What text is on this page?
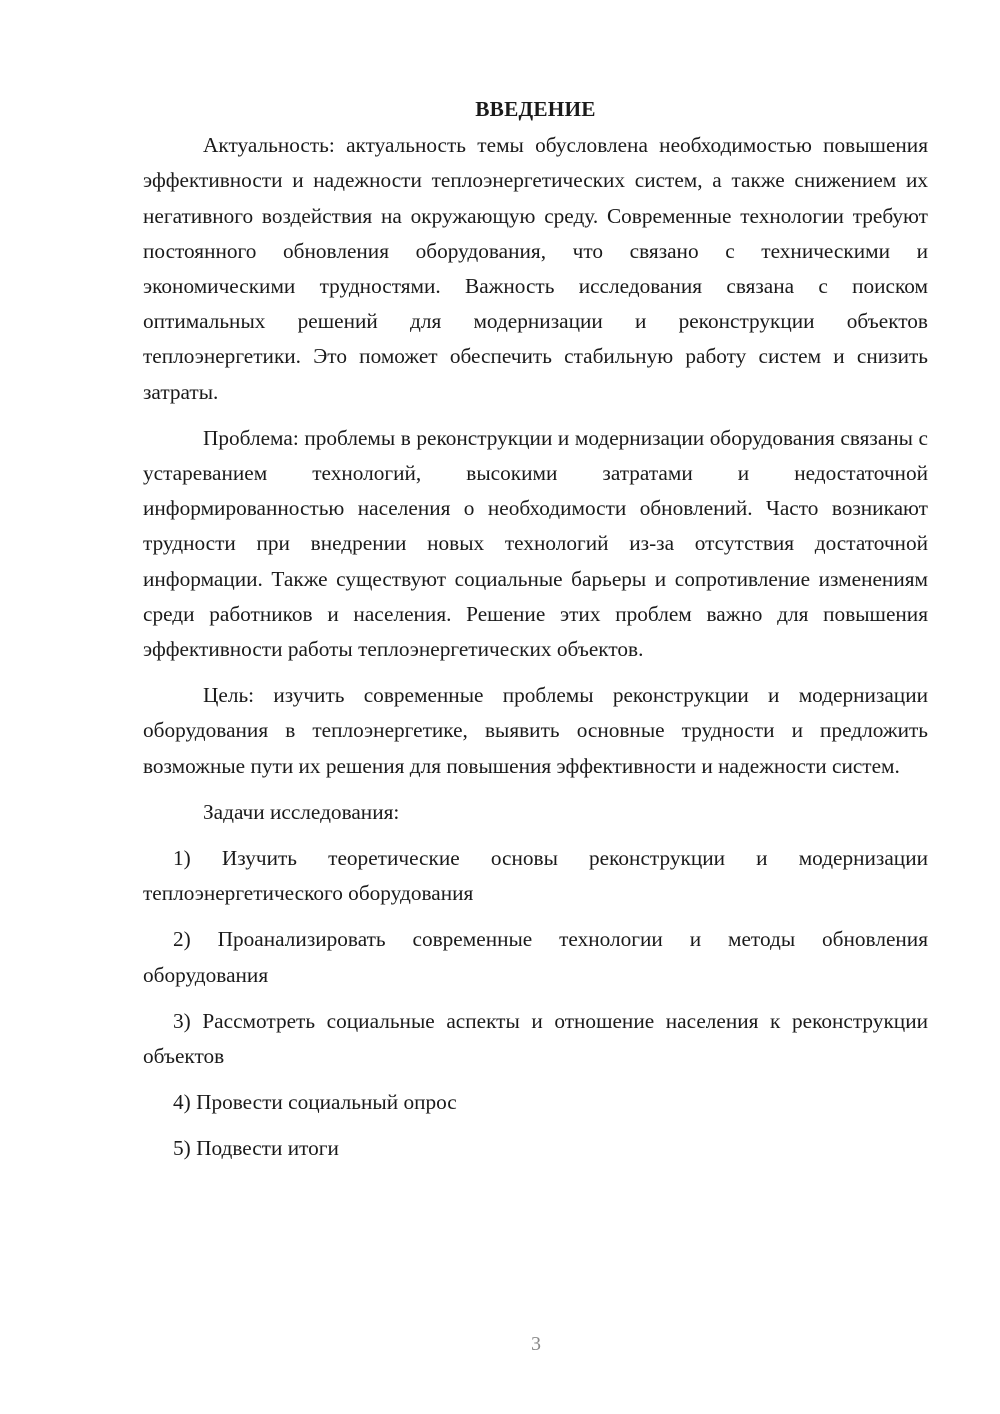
ВВЕДЕНИЕ

Актуальность: актуальность темы обусловлена необходимостью повышения эффективности и надежности теплоэнергетических систем, а также снижением их негативного воздействия на окружающую среду. Современные технологии требуют постоянного обновления оборудования, что связано с техническими и экономическими трудностями. Важность исследования связана с поиском оптимальных решений для модернизации и реконструкции объектов теплоэнергетики. Это поможет обеспечить стабильную работу систем и снизить затраты.

Проблема: проблемы в реконструкции и модернизации оборудования связаны с устареванием технологий, высокими затратами и недостаточной информированностью населения о необходимости обновлений. Часто возникают трудности при внедрении новых технологий из-за отсутствия достаточной информации. Также существуют социальные барьеры и сопротивление изменениям среди работников и населения. Решение этих проблем важно для повышения эффективности работы теплоэнергетических объектов.

Цель: изучить современные проблемы реконструкции и модернизации оборудования в теплоэнергетике, выявить основные трудности и предложить возможные пути их решения для повышения эффективности и надежности систем.

Задачи исследования:

1) Изучить теоретические основы реконструкции и модернизации теплоэнергетического оборудования

2) Проанализировать современные технологии и методы обновления оборудования

3) Рассмотреть социальные аспекты и отношение населения к реконструкции объектов

4) Провести социальный опрос

5) Подвести итоги

3
